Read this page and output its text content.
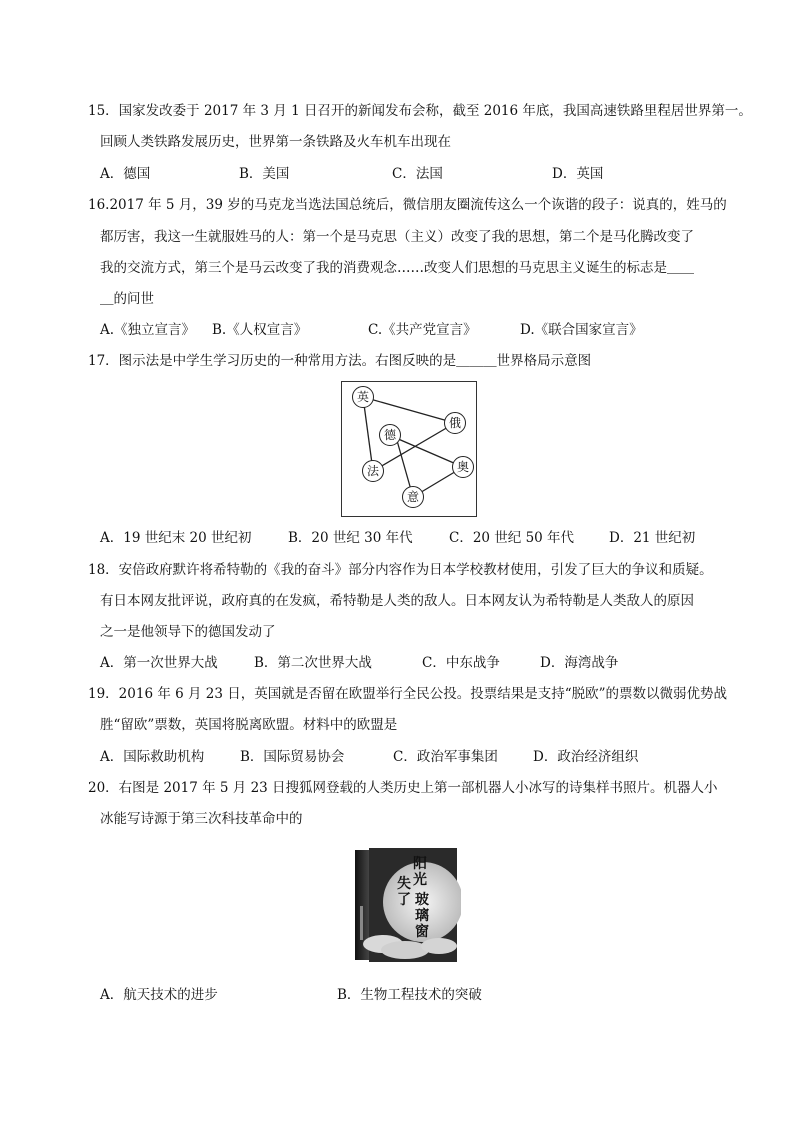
15．国家发改委于 2017 年 3 月 1 日召开的新闻发布会称，截至 2016 年底，我国高速铁路里程居世界第一。
回顾人类铁路发展历史，世界第一条铁路及火车机车出现在
A．德国	B．美国	C．法国	D．英国
16.2017 年 5 月，39 岁的马克龙当选法国总统后，微信朋友圈流传这么一个诙谐的段子：说真的，姓马的
都厉害，我这一生就服姓马的人：第一个是马克思（主义）改变了我的思想，第二个是马化腾改变了
我的交流方式，第三个是马云改变了我的消费观念……改变人们思想的马克思主义诞生的标志是＿＿
＿的问世
A.《独立宣言》 B.《人权宣言》	C.《共产党宣言》	D.《联合国家宣言》
17．图示法是中学生学习历史的一种常用方法。右图反映的是＿＿＿世界格局示意图
英
俄
德
法	奥
意
A．19 世纪末 20 世纪初	B．20 世纪 30 年代	C．20 世纪 50 年代	D．21 世纪初
18．安倍政府默许将希特勒的《我的奋斗》部分内容作为日本学校教材使用，引发了巨大的争议和质疑。
有日本网友批评说，政府真的在发疯，希特勒是人类的敌人。日本网友认为希特勒是人类敌人的原因
之一是他领导下的德国发动了
A．第一次世界大战	B．第二次世界大战	C．中东战争	D．海湾战争
19．2016 年 6 月 23 日，英国就是否留在欧盟举行全民公投。投票结果是支持“脱欧”的票数以微弱优势战
胜“留欧”票数，英国将脱离欧盟。材料中的欧盟是
A．国际救助机构	B．国际贸易协会	C．政治军事集团	D．政治经济组织
20．右图是 2017 年 5 月 23 日搜狐网登载的人类历史上第一部机器人小冰写的诗集样书照片。机器人小
冰能写诗源于第三次科技革命中的
阳
光
失
了 玻
璃
窗
A．航天技术的进步	B．生物工程技术的突破
